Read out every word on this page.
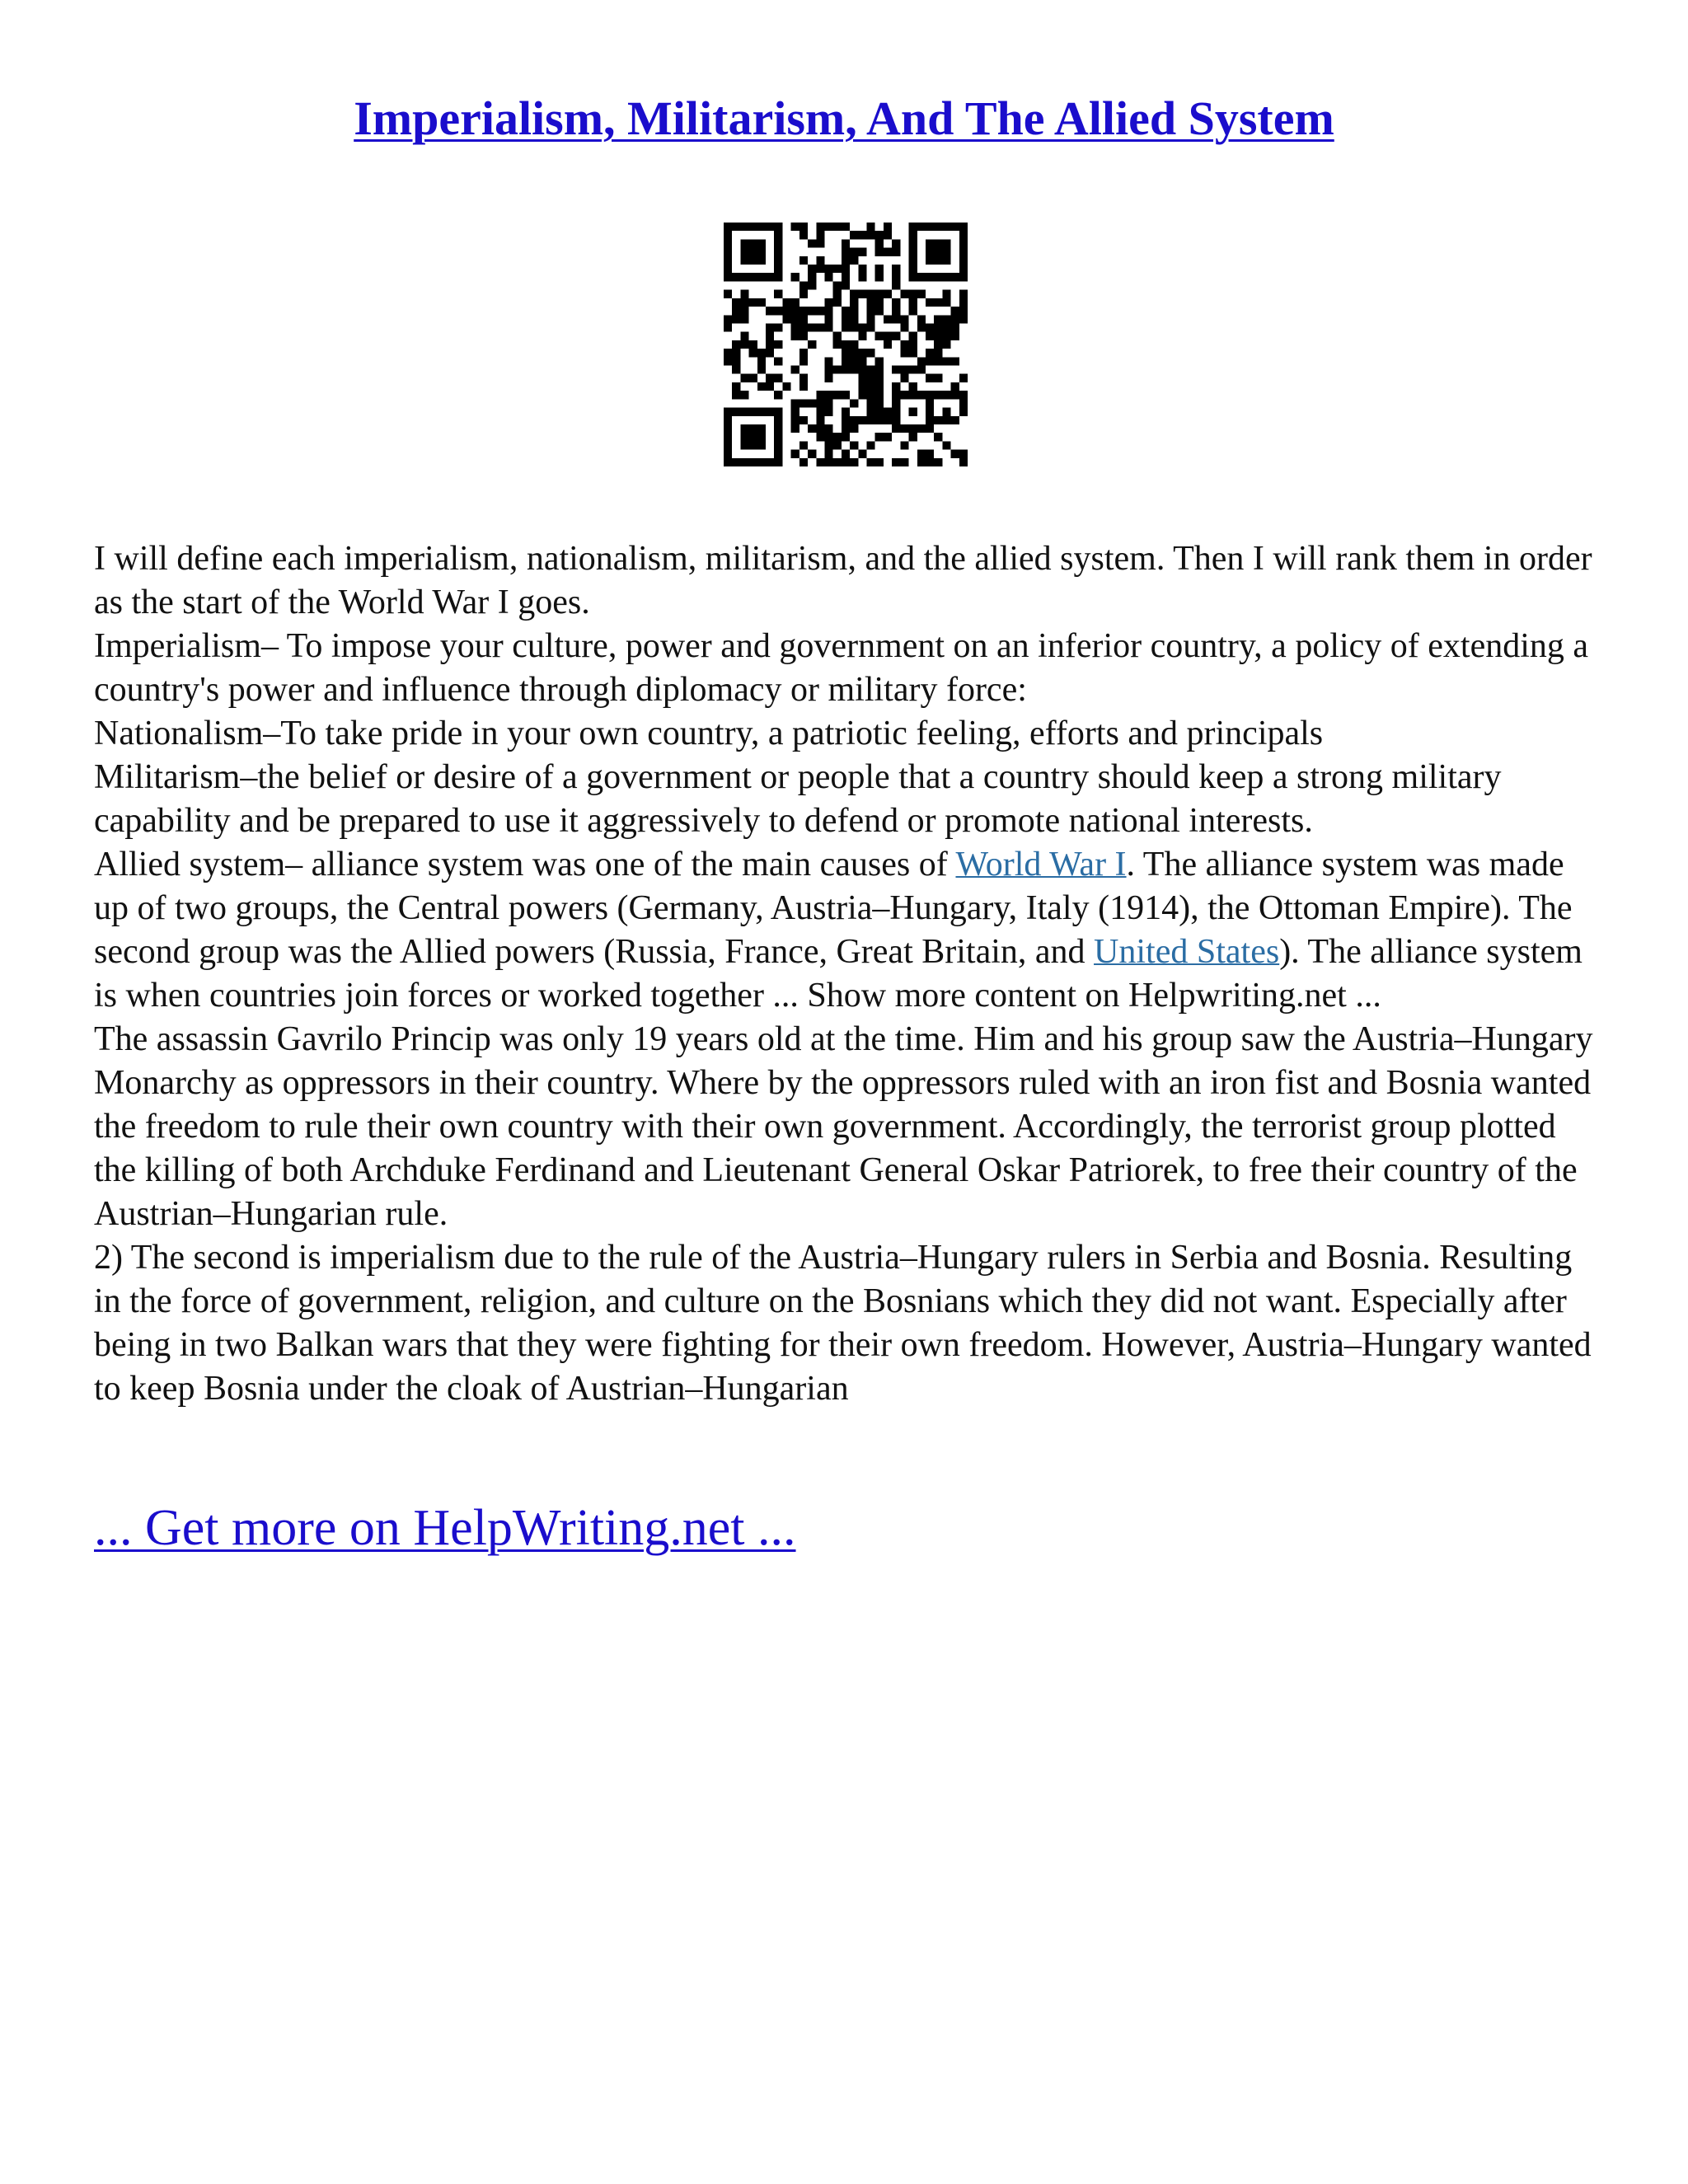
Imperialism, Militarism, And The Allied System

I will define each imperialism, nationalism, militarism, and the allied system. Then I will rank them in order as the start of the World War I goes.

Imperialism– To impose your culture, power and government on an inferior country, a policy of extending a country's power and influence through diplomacy or military force:

Nationalism–To take pride in your own country, a patriotic feeling, efforts and principals

Militarism–the belief or desire of a government or people that a country should keep a strong military capability and be prepared to use it aggressively to defend or promote national interests.

Allied system– alliance system was one of the main causes of World War I. The alliance system was made up of two groups, the Central powers (Germany, Austria–Hungary, Italy (1914), the Ottoman Empire). The second group was the Allied powers (Russia, France, Great Britain, and United States). The alliance system is when countries join forces or worked together ... Show more content on Helpwriting.net ...

The assassin Gavrilo Princip was only 19 years old at the time. Him and his group saw the Austria–Hungary Monarchy as oppressors in their country. Where by the oppressors ruled with an iron fist and Bosnia wanted the freedom to rule their own country with their own government. Accordingly, the terrorist group plotted the killing of both Archduke Ferdinand and Lieutenant General Oskar Patriorek, to free their country of the Austrian–Hungarian rule.

2) The second is imperialism due to the rule of the Austria–Hungary rulers in Serbia and Bosnia. Resulting in the force of government, religion, and culture on the Bosnians which they did not want. Especially after being in two Balkan wars that they were fighting for their own freedom. However, Austria–Hungary wanted to keep Bosnia under the cloak of Austrian–Hungarian

... Get more on HelpWriting.net ...
